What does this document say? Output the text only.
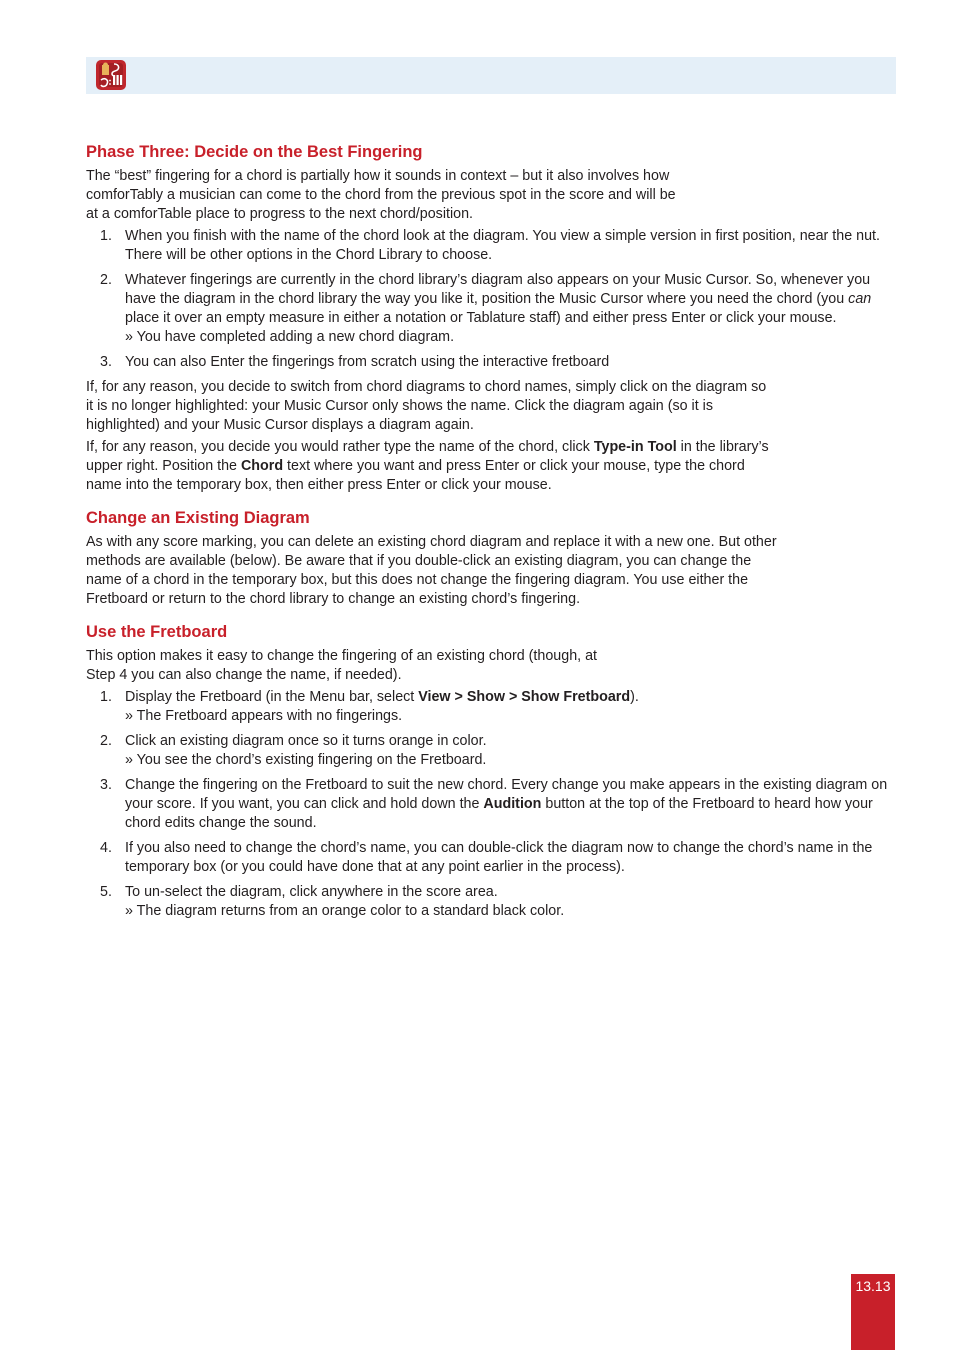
Phase Three: Decide on the Best Fingering

The “best” fingering for a chord is partially how it sounds in context – but it also involves how comforTably a musician can come to the chord from the previous spot in the score and will be at a comforTable place to progress to the next chord/position.

1. When you finish with the name of the chord look at the diagram. You view a simple version in first position, near the nut. There will be other options in the Chord Library to choose.
2. Whatever fingerings are currently in the chord library’s diagram also appears on your Music Cursor. So, whenever you have the diagram in the chord library the way you like it, position the Music Cursor where you need the chord (you can place it over an empty measure in either a notation or Tablature staff) and either press Enter or click your mouse.
» You have completed adding a new chord diagram.
3. You can also Enter the fingerings from scratch using the interactive fretboard

If, for any reason, you decide to switch from chord diagrams to chord names, simply click on the diagram so it is no longer highlighted: your Music Cursor only shows the name. Click the diagram again (so it is highlighted) and your Music Cursor displays a diagram again.

If, for any reason, you decide you would rather type the name of the chord, click Type-in Tool in the library’s upper right. Position the Chord text where you want and press Enter or click your mouse, type the chord name into the temporary box, then either press Enter or click your mouse.

Change an Existing Diagram

As with any score marking, you can delete an existing chord diagram and replace it with a new one. But other methods are available (below). Be aware that if you double-click an existing diagram, you can change the name of a chord in the temporary box, but this does not change the fingering diagram. You use either the Fretboard or return to the chord library to change an existing chord’s fingering.

Use the Fretboard

This option makes it easy to change the fingering of an existing chord (though, at Step 4 you can also change the name, if needed).

1. Display the Fretboard (in the Menu bar, select View > Show > Show Fretboard).
» The Fretboard appears with no fingerings.
2. Click an existing diagram once so it turns orange in color.
» You see the chord’s existing fingering on the Fretboard.
3. Change the fingering on the Fretboard to suit the new chord. Every change you make appears in the existing diagram on your score. If you want, you can click and hold down the Audition button at the top of the Fretboard to heard how your chord edits change the sound.
4. If you also need to change the chord’s name, you can double-click the diagram now to change the chord’s name in the temporary box (or you could have done that at any point earlier in the process).
5. To un-select the diagram, click anywhere in the score area.
» The diagram returns from an orange color to a standard black color.
13.13
